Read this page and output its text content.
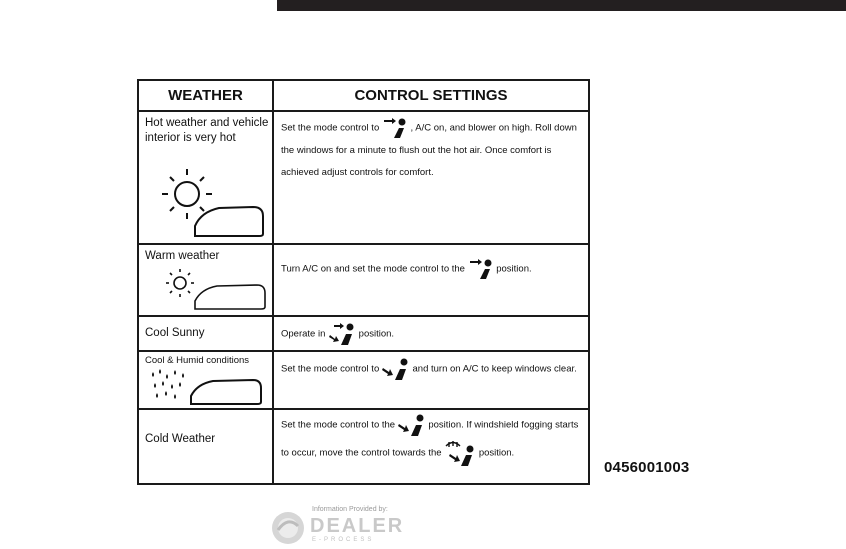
WEATHER	CONTROL SETTINGS

Hot weather and vehicle interior is very hot	Set the mode control to , A/C on, and blower on high. Roll down the windows for a minute to flush out the hot air. Once comfort is achieved adjust controls for comfort.

Warm weather	Turn A/C on and set the mode control to the position.

Cool Sunny	Operate in position.

Cool & Humid conditions	Set the mode control to and turn on A/C to keep windows clear.

Cold Weather	Set the mode control to the position. If windshield fogging starts to occur, move the control towards the position.
0456001003
Information Provided by:
DEALER
E-PROCESS
